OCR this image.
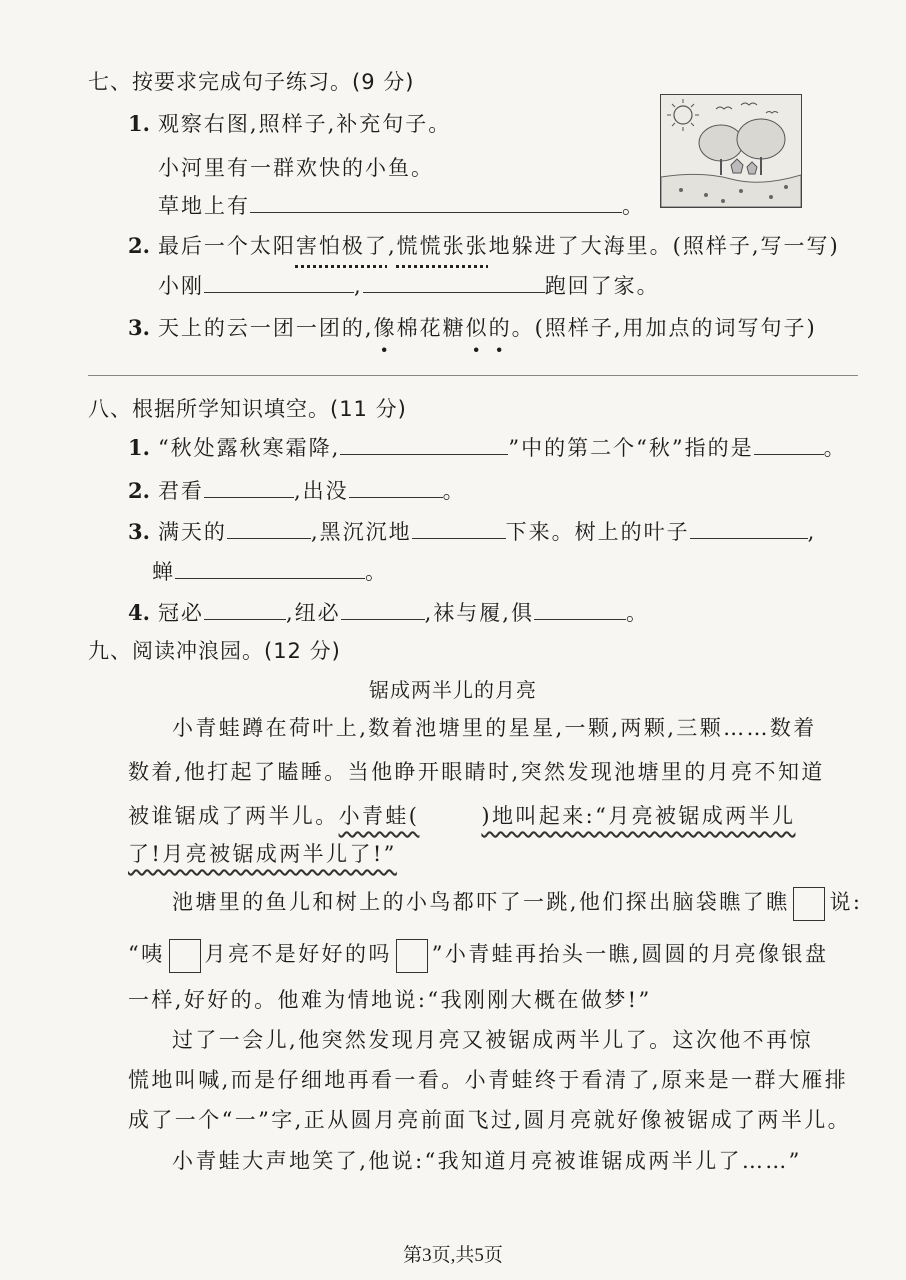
七、按要求完成句子练习。(9 分)
1. 观察右图,照样子,补充句子。
小河里有一群欢快的小鱼。
草地上有	。
2. 最后一个太阳害怕极了,慌慌张张地躲进了大海里。(照样子,写一写)
小刚	,	跑回了家。
3. 天上的云一团一团的,像棉花糖似的。(照样子,用加点的词写句子)
八、根据所学知识填空。(11 分)
1. “秋处露秋寒霜降,	”中的第二个“秋”指的是	。
2. 君看	,出没	。
3. 满天的	,黑沉沉地	下来。树上的叶子	,
蝉	。
4. 冠必	,纽必	,袜与履,俱	。
九、阅读冲浪园。(12 分)
锯成两半儿的月亮
小青蛙蹲在荷叶上,数着池塘里的星星,一颗,两颗,三颗……数着
数着,他打起了瞌睡。当他睁开眼睛时,突然发现池塘里的月亮不知道
被谁锯成了两半儿。小青蛙(	)地叫起来:“月亮被锯成两半儿
了!月亮被锯成两半儿了!”
池塘里的鱼儿和树上的小鸟都吓了一跳,他们探出脑袋瞧了瞧 说:
“咦 月亮不是好好的吗 ”小青蛙再抬头一瞧,圆圆的月亮像银盘
一样,好好的。他难为情地说:“我刚刚大概在做梦!”
过了一会儿,他突然发现月亮又被锯成两半儿了。这次他不再惊
慌地叫喊,而是仔细地再看一看。小青蛙终于看清了,原来是一群大雁排
成了一个“一”字,正从圆月亮前面飞过,圆月亮就好像被锯成了两半儿。
小青蛙大声地笑了,他说:“我知道月亮被谁锯成两半儿了……”
第3页,共5页
